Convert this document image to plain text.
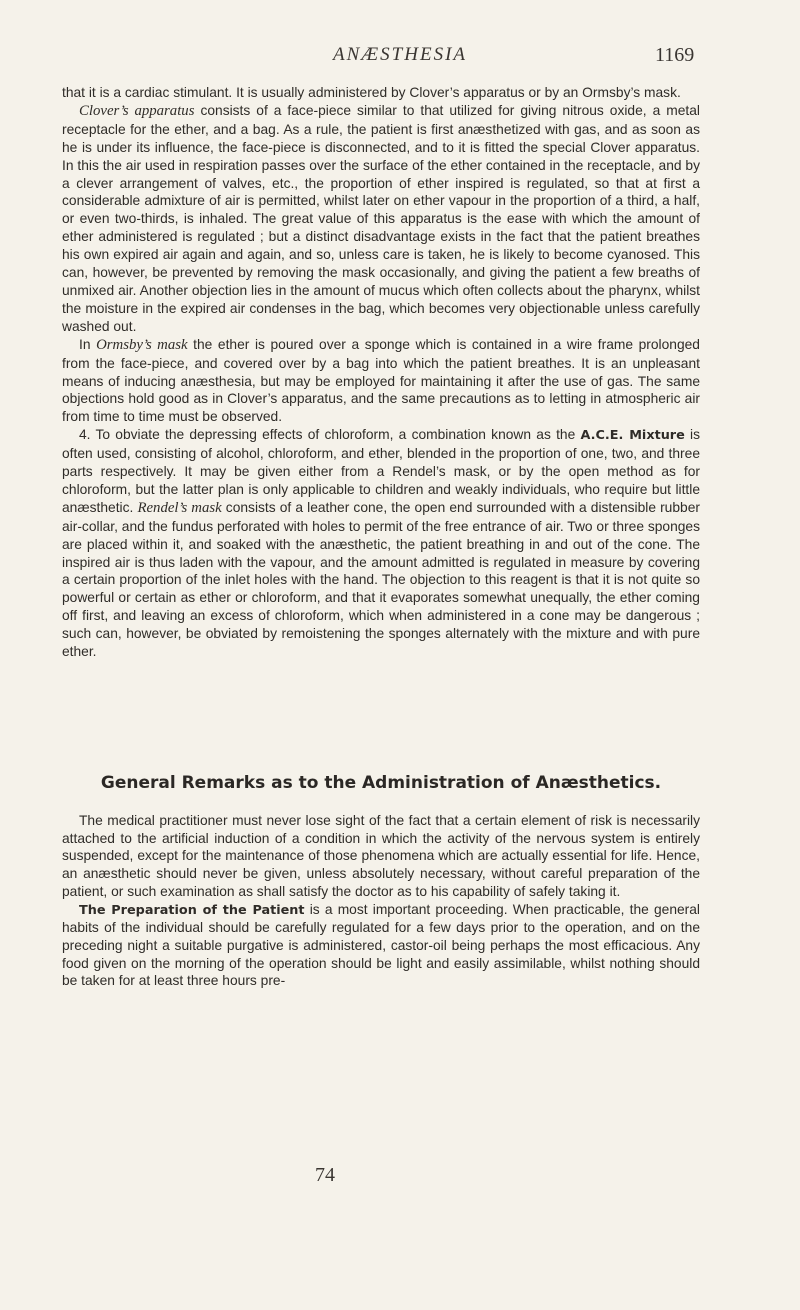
ANÆSTHESIA	1169

that it is a cardiac stimulant. It is usually administered by Clover’s apparatus or by an Ormsby’s mask.

Clover’s apparatus consists of a face-piece similar to that utilized for giving nitrous oxide, a metal receptacle for the ether, and a bag. As a rule, the patient is first anæsthetized with gas, and as soon as he is under its influence, the face-piece is disconnected, and to it is fitted the special Clover apparatus. In this the air used in respiration passes over the surface of the ether contained in the receptacle, and by a clever arrangement of valves, etc., the proportion of ether inspired is regulated, so that at first a considerable admixture of air is permitted, whilst later on ether vapour in the proportion of a third, a half, or even two-thirds, is inhaled. The great value of this apparatus is the ease with which the amount of ether administered is regulated ; but a distinct disadvantage exists in the fact that the patient breathes his own expired air again and again, and so, unless care is taken, he is likely to become cyanosed. This can, however, be prevented by removing the mask occasionally, and giving the patient a few breaths of unmixed air. Another objection lies in the amount of mucus which often collects about the pharynx, whilst the moisture in the expired air condenses in the bag, which becomes very objectionable unless carefully washed out.

In Ormsby’s mask the ether is poured over a sponge which is contained in a wire frame prolonged from the face-piece, and covered over by a bag into which the patient breathes. It is an unpleasant means of inducing anæsthesia, but may be employed for maintaining it after the use of gas. The same objections hold good as in Clover’s apparatus, and the same precautions as to letting in atmospheric air from time to time must be observed.

4. To obviate the depressing effects of chloroform, a combination known as the A.C.E. Mixture is often used, consisting of alcohol, chloroform, and ether, blended in the proportion of one, two, and three parts respectively. It may be given either from a Rendel’s mask, or by the open method as for chloroform, but the latter plan is only applicable to children and weakly individuals, who require but little anæsthetic. Rendel’s mask consists of a leather cone, the open end surrounded with a distensible rubber air-collar, and the fundus perforated with holes to permit of the free entrance of air. Two or three sponges are placed within it, and soaked with the anæsthetic, the patient breathing in and out of the cone. The inspired air is thus laden with the vapour, and the amount admitted is regulated in measure by covering a certain proportion of the inlet holes with the hand. The objection to this reagent is that it is not quite so powerful or certain as ether or chloroform, and that it evaporates somewhat unequally, the ether coming off first, and leaving an excess of chloroform, which when administered in a cone may be dangerous ; such can, however, be obviated by remoistening the sponges alternately with the mixture and with pure ether.

General Remarks as to the Administration of Anæsthetics.

The medical practitioner must never lose sight of the fact that a certain element of risk is necessarily attached to the artificial induction of a condition in which the activity of the nervous system is entirely suspended, except for the maintenance of those phenomena which are actually essential for life. Hence, an anæsthetic should never be given, unless absolutely necessary, without careful preparation of the patient, or such examination as shall satisfy the doctor as to his capability of safely taking it.

The Preparation of the Patient is a most important proceeding. When practicable, the general habits of the individual should be carefully regulated for a few days prior to the operation, and on the preceding night a suitable purgative is administered, castor-oil being perhaps the most efficacious. Any food given on the morning of the operation should be light and easily assimilable, whilst nothing should be taken for at least three hours pre-

74
